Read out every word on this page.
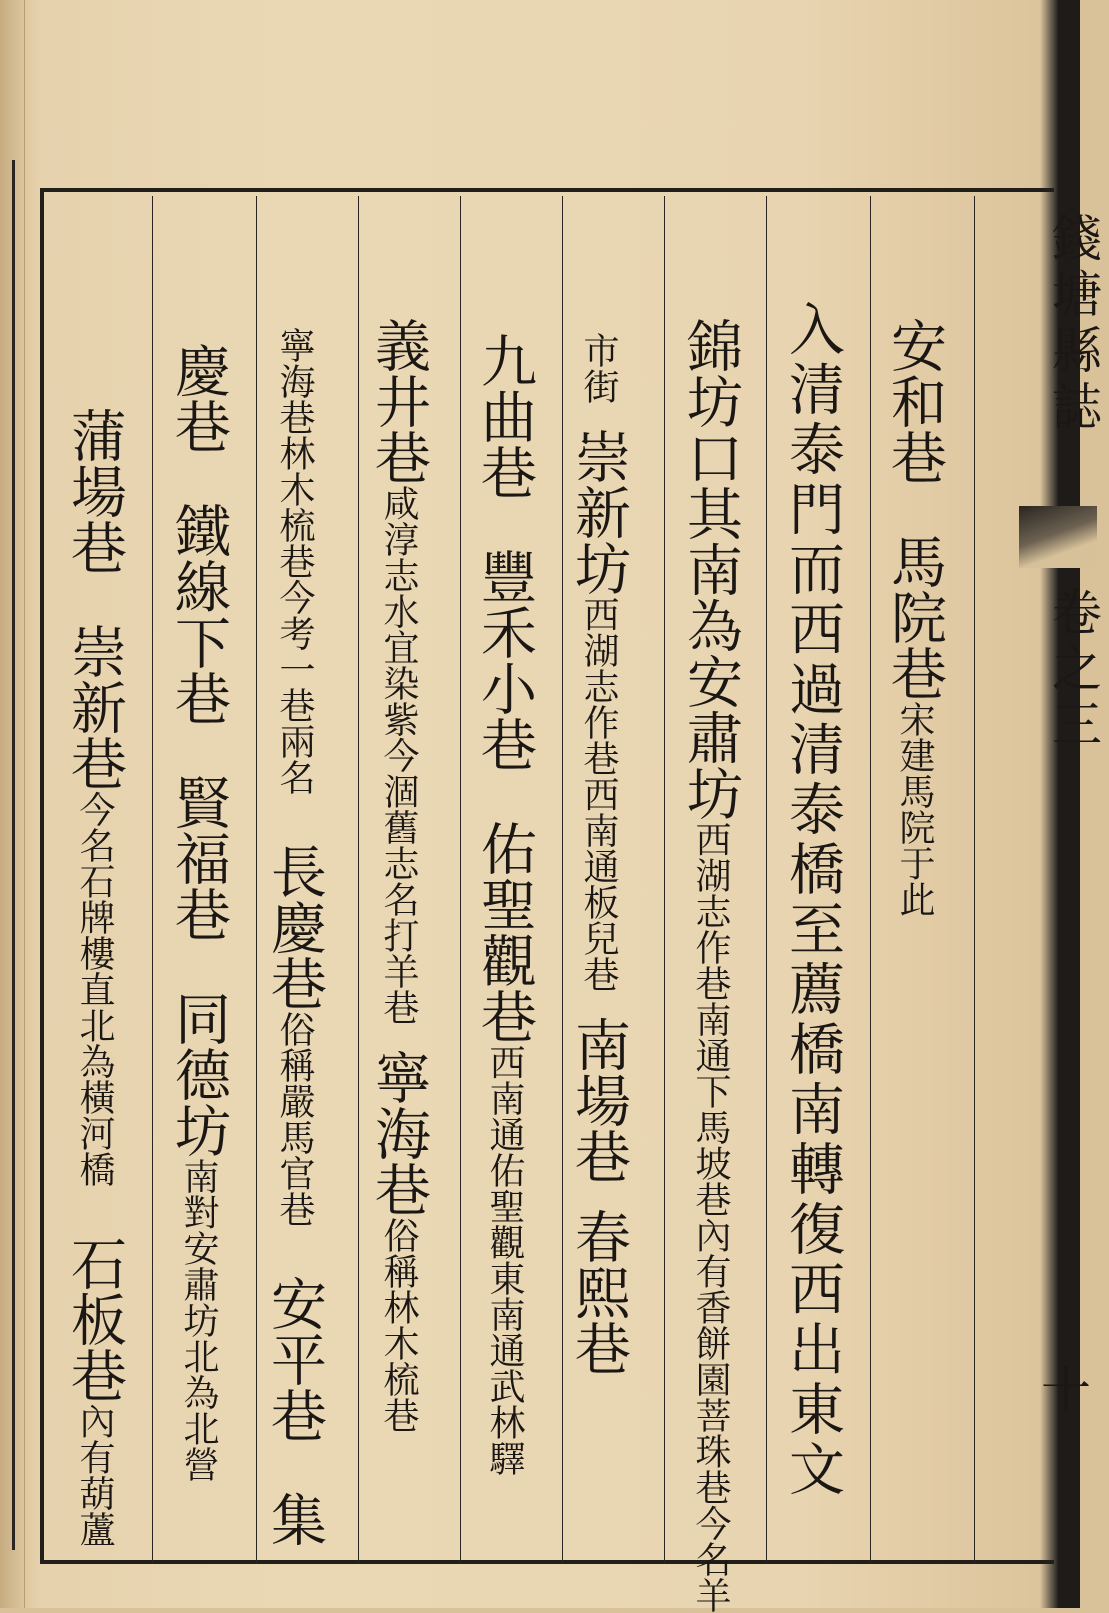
錢塘縣誌
卷之三
十
安和巷馬院巷宋建馬院于此
入清泰門而西過清泰橋至薦橋南轉復西出東文
錦坊口其南為安肅坊西湖志作巷南通下馬坡巷內有香餅園菩珠巷今名羊
市街崇新坊西湖志作巷西南通板兒巷南場巷春熙巷
九曲巷豐禾小巷佑聖觀巷西南通佑聖觀東南通武林驛
義井巷咸淳志水宜染紫今涸舊志名打羊巷寧海巷俗稱林木梳巷
寧海巷林木梳巷今考一巷兩名長慶巷俗稱嚴馬官巷安平巷集
慶巷鐵線下巷賢福巷同德坊南對安肅坊北為北營
蒲場巷崇新巷今名石牌樓直北為橫河橋石板巷內有葫蘆
